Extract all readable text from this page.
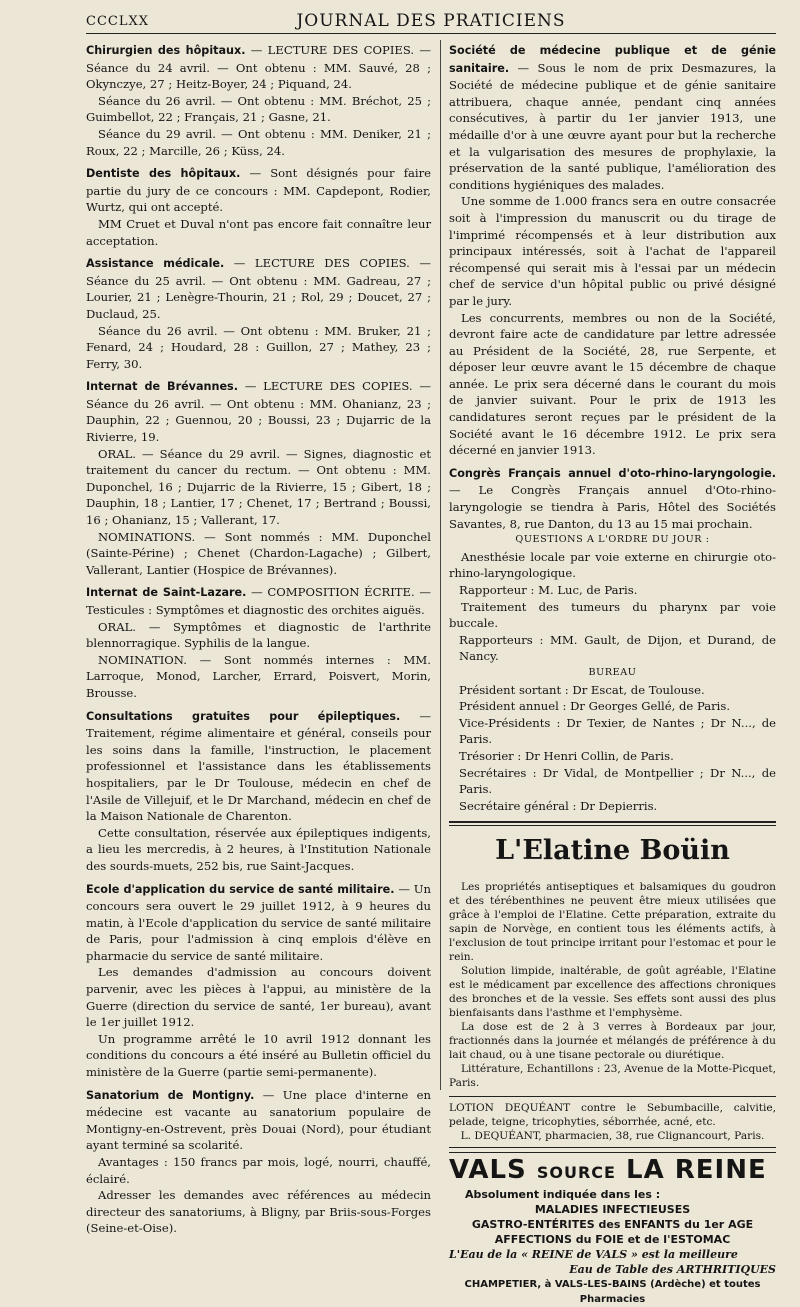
CCCLXX	JOURNAL DES PRATICIENS

Chirurgien des hôpitaux. — LECTURE DES COPIES. — Séance du 24 avril. — Ont obtenu : MM. Sauvé, 28 ; Okynczye, 27 ; Heitz-Boyer, 24 ; Piquand, 24.

Séance du 26 avril. — Ont obtenu : MM. Bréchot, 25 ; Guimbellot, 22 ; Français, 21 ; Gasne, 21.

Séance du 29 avril. — Ont obtenu : MM. Deniker, 21 ; Roux, 22 ; Marcille, 26 ; Küss, 24.

Dentiste des hôpitaux. — Sont désignés pour faire partie du jury de ce concours : MM. Capdepont, Rodier, Wurtz, qui ont accepté.

MM Cruet et Duval n'ont pas encore fait connaître leur acceptation.

Assistance médicale. — LECTURE DES COPIES. — Séance du 25 avril. — Ont obtenu : MM. Gadreau, 27 ; Lourier, 21 ; Lenègre-Thourin, 21 ; Rol, 29 ; Doucet, 27 ; Duclaud, 25.

Séance du 26 avril. — Ont obtenu : MM. Bruker, 21 ; Fenard, 24 ; Houdard, 28 : Guillon, 27 ; Mathey, 23 ; Ferry, 30.

Internat de Brévannes. — LECTURE DES COPIES. — Séance du 26 avril. — Ont obtenu : MM. Ohanianz, 23 ; Dauphin, 22 ; Guennou, 20 ; Boussi, 23 ; Dujarric de la Rivierre, 19.

ORAL. — Séance du 29 avril. — Signes, diagnostic et traitement du cancer du rectum. — Ont obtenu : MM. Duponchel, 16 ; Dujarric de la Rivierre, 15 ; Gibert, 18 ; Dauphin, 18 ; Lantier, 17 ; Chenet, 17 ; Bertrand ; Boussi, 16 ; Ohanianz, 15 ; Vallerant, 17.

NOMINATIONS. — Sont nommés : MM. Duponchel (Sainte-Périne) ; Chenet (Chardon-Lagache) ; Gilbert, Vallerant, Lantier (Hospice de Brévannes).

Internat de Saint-Lazare. — COMPOSITION ÉCRITE. — Testicules : Symptômes et diagnostic des orchites aiguës.

ORAL. — Symptômes et diagnostic de l'arthrite blennorragique. Syphilis de la langue.

NOMINATION. — Sont nommés internes : MM. Larroque, Monod, Larcher, Errard, Poisvert, Morin, Brousse.

Consultations gratuites pour épileptiques. — Traitement, régime alimentaire et général, conseils pour les soins dans la famille, l'instruction, le placement professionnel et l'assistance dans les établissements hospitaliers, par le Dr Toulouse, médecin en chef de l'Asile de Villejuif, et le Dr Marchand, médecin en chef de la Maison Nationale de Charenton.

Cette consultation, réservée aux épileptiques indigents, a lieu les mercredis, à 2 heures, à l'Institution Nationale des sourds-muets, 252 bis, rue Saint-Jacques.

Ecole d'application du service de santé militaire. — Un concours sera ouvert le 29 juillet 1912, à 9 heures du matin, à l'Ecole d'application du service de santé militaire de Paris, pour l'admission à cinq emplois d'élève en pharmacie du service de santé militaire.

Les demandes d'admission au concours doivent parvenir, avec les pièces à l'appui, au ministère de la Guerre (direction du service de santé, 1er bureau), avant le 1er juillet 1912.

Un programme arrêté le 10 avril 1912 donnant les conditions du concours a été inséré au Bulletin officiel du ministère de la Guerre (partie semi-permanente).

Sanatorium de Montigny. — Une place d'interne en médecine est vacante au sanatorium populaire de Montigny-en-Ostrevent, près Douai (Nord), pour étudiant ayant terminé sa scolarité.

Avantages : 150 francs par mois, logé, nourri, chauffé, éclairé.

Adresser les demandes avec références au médecin directeur des sanatoriums, à Bligny, par Briis-sous-Forges (Seine-et-Oise).

Société de médecine publique et de génie sanitaire. — Sous le nom de prix Desmazures, la Société de médecine publique et de génie sanitaire attribuera, chaque année, pendant cinq années consécutives, à partir du 1er janvier 1913, une médaille d'or à une œuvre ayant pour but la recherche et la vulgarisation des mesures de prophylaxie, la préservation de la santé publique, l'amélioration des conditions hygiéniques des malades.

Une somme de 1.000 francs sera en outre consacrée soit à l'impression du manuscrit ou du tirage de l'imprimé récompensés et à leur distribution aux principaux intéressés, soit à l'achat de l'appareil récompensé qui serait mis à l'essai par un médecin chef de service d'un hôpital public ou privé désigné par le jury.

Les concurrents, membres ou non de la Société, devront faire acte de candidature par lettre adressée au Président de la Société, 28, rue Serpente, et déposer leur œuvre avant le 15 décembre de chaque année. Le prix sera décerné dans le courant du mois de janvier suivant. Pour le prix de 1913 les candidatures seront reçues par le président de la Société avant le 16 décembre 1912. Le prix sera décerné en janvier 1913.

Congrès Français annuel d'oto-rhino-laryngologie. — Le Congrès Français annuel d'Oto-rhino-laryngologie se tiendra à Paris, Hôtel des Sociétés Savantes, 8, rue Danton, du 13 au 15 mai prochain.

QUESTIONS A L'ORDRE DU JOUR :

Anesthésie locale par voie externe en chirurgie oto-rhino-laryngologique.

Rapporteur : M. Luc, de Paris.

Traitement des tumeurs du pharynx par voie buccale.

Rapporteurs : MM. Gault, de Dijon, et Durand, de Nancy.

BUREAU

Président sortant : Dr Escat, de Toulouse.

Président annuel : Dr Georges Gellé, de Paris.

Vice-Présidents : Dr Texier, de Nantes ; Dr N..., de Paris.

Trésorier : Dr Henri Collin, de Paris.

Secrétaires : Dr Vidal, de Montpellier ; Dr N..., de Paris.

Secrétaire général : Dr Depierris.

L'Elatine Boüin

Les propriétés antiseptiques et balsamiques du goudron et des térébenthines ne peuvent être mieux utilisées que grâce à l'emploi de l'Elatine. Cette préparation, extraite du sapin de Norvège, en contient tous les éléments actifs, à l'exclusion de tout principe irritant pour l'estomac et pour le rein.

Solution limpide, inaltérable, de goût agréable, l'Elatine est le médicament par excellence des affections chroniques des bronches et de la vessie. Ses effets sont aussi des plus bienfaisants dans l'asthme et l'emphysème.

La dose est de 2 à 3 verres à Bordeaux par jour, fractionnés dans la journée et mélangés de préférence à du lait chaud, ou à une tisane pectorale ou diurétique.

Littérature, Echantillons : 23, Avenue de la Motte-Picquet, Paris.

LOTION DEQUÉANT contre le Sebumbacille, calvitie, pelade, teigne, tricophyties, séborrhée, acné, etc.

L. DEQUÉANT, pharmacien, 38, rue Clignancourt, Paris.

VALS SOURCE LA REINE
Absolument indiquée dans les :
MALADIES INFECTIEUSES
GASTRO-ENTÉRITES des ENFANTS du 1er AGE
AFFECTIONS du FOIE et de l'ESTOMAC
L'Eau de la « REINE de VALS » est la meilleure
Eau de Table des ARTHRITIQUES
CHAMPETIER, à VALS-LES-BAINS (Ardèche) et toutes Pharmacies
